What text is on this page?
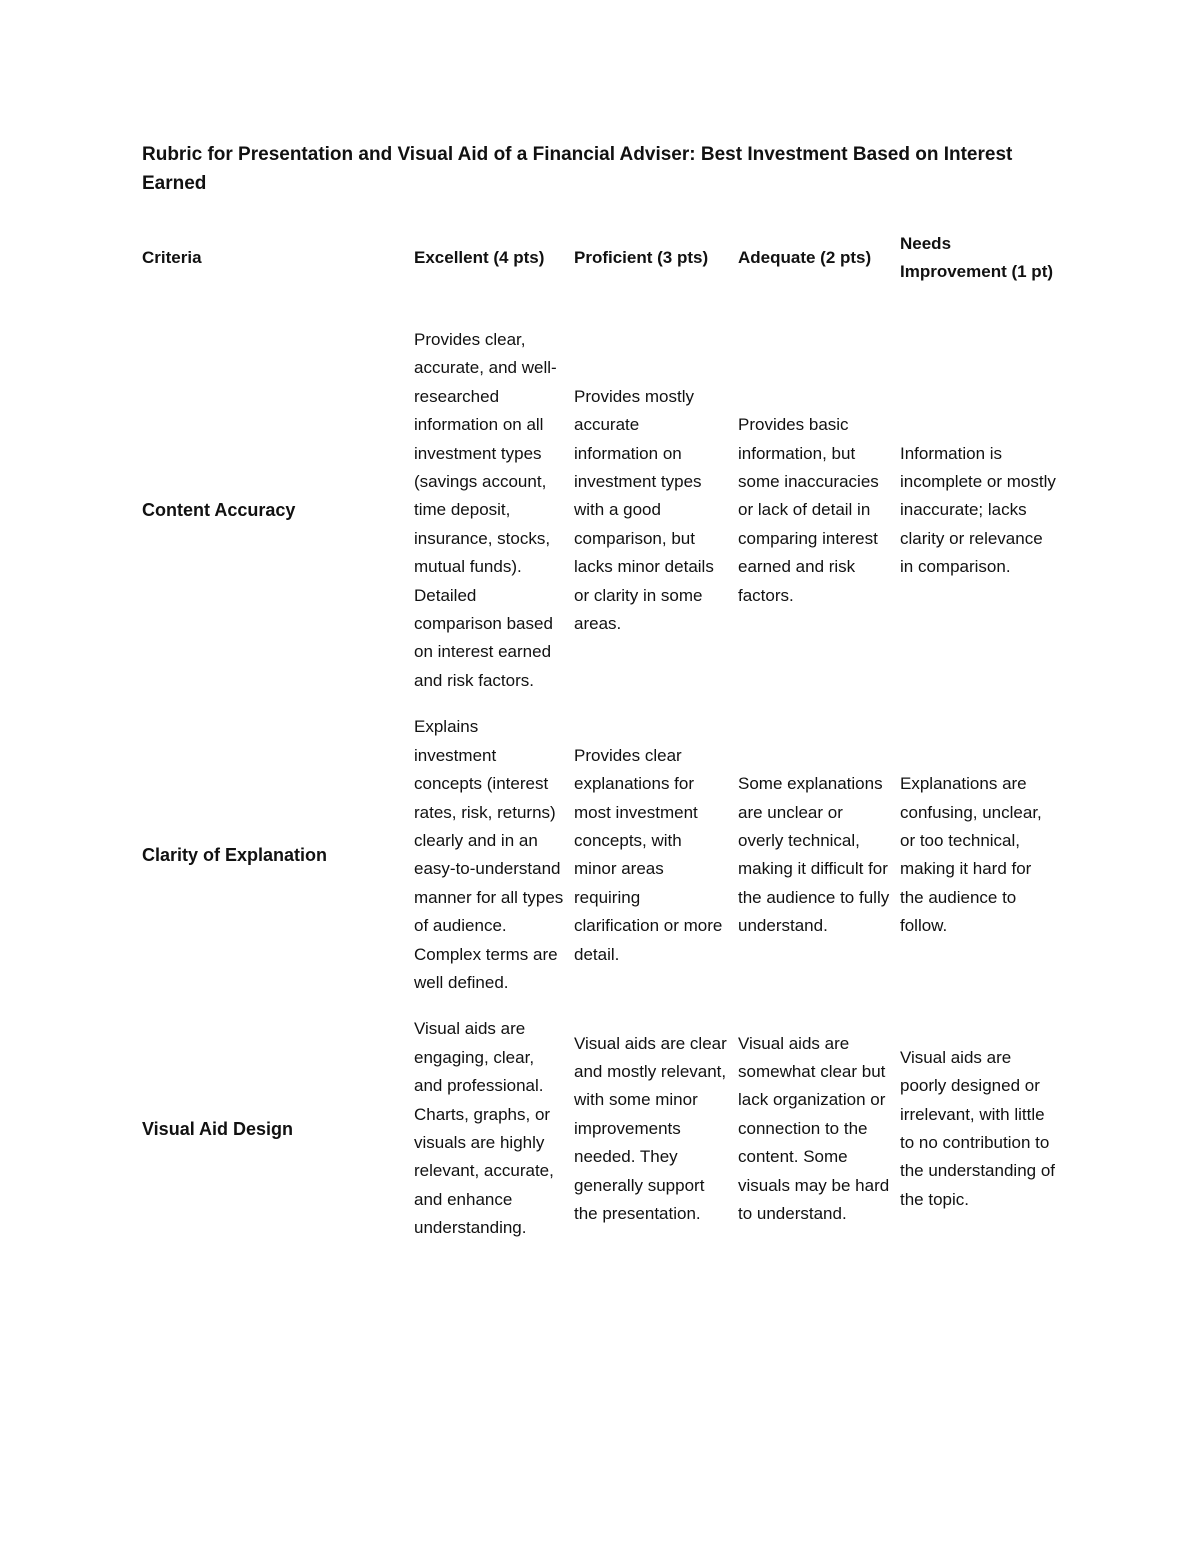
Rubric for Presentation and Visual Aid of a Financial Adviser: Best Investment Based on Interest Earned
Criteria	Excellent (4 pts)	Proficient (3 pts)	Adequate (2 pts)	Needs Improvement (1 pt)
Content Accuracy	Provides clear, accurate, and well-researched information on all investment types (savings account, time deposit, insurance, stocks, mutual funds). Detailed comparison based on interest earned and risk factors.	Provides mostly accurate information on investment types with a good comparison, but lacks minor details or clarity in some areas.	Provides basic information, but some inaccuracies or lack of detail in comparing interest earned and risk factors.	Information is incomplete or mostly inaccurate; lacks clarity or relevance in comparison.
Clarity of Explanation	Explains investment concepts (interest rates, risk, returns) clearly and in an easy-to-understand manner for all types of audience. Complex terms are well defined.	Provides clear explanations for most investment concepts, with minor areas requiring clarification or more detail.	Some explanations are unclear or overly technical, making it difficult for the audience to fully understand.	Explanations are confusing, unclear, or too technical, making it hard for the audience to follow.
Visual Aid Design	Visual aids are engaging, clear, and professional. Charts, graphs, or visuals are highly relevant, accurate, and enhance understanding.	Visual aids are clear and mostly relevant, with some minor improvements needed. They generally support the presentation.	Visual aids are somewhat clear but lack organization or connection to the content. Some visuals may be hard to understand.	Visual aids are poorly designed or irrelevant, with little to no contribution to the understanding of the topic.
